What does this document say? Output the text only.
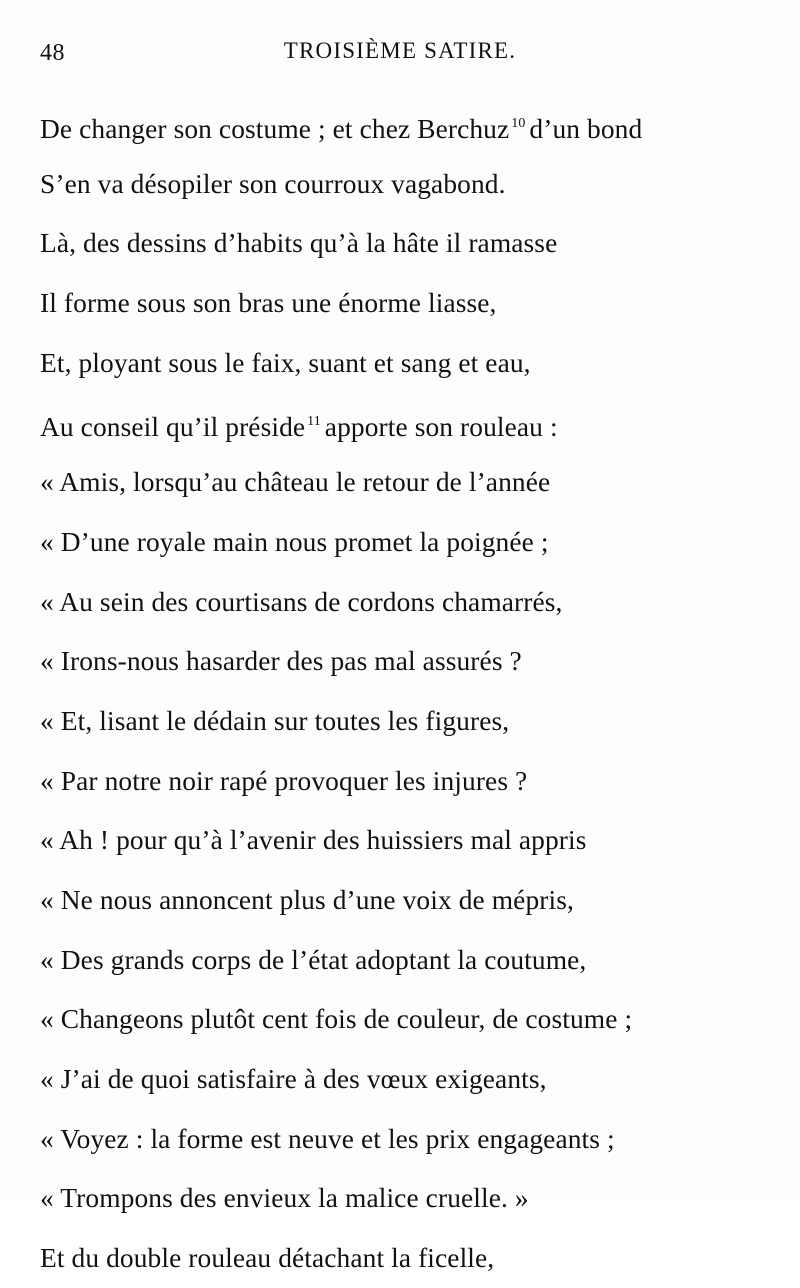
48	TROISIÈME SATIRE.
De changer son costume ; et chez Berchuz $^{10}$ d’un bond
S’en va désopiler son courroux vagabond.
Là, des dessins d’habits qu’à la hâte il ramasse
Il forme sous son bras une énorme liasse,
Et, ployant sous le faix, suant et sang et eau,
Au conseil qu’il préside $^{11}$ apporte son rouleau :
« Amis, lorsqu’au château le retour de l’année
« D’une royale main nous promet la poignée ;
« Au sein des courtisans de cordons chamarrés,
« Irons-nous hasarder des pas mal assurés ?
« Et, lisant le dédain sur toutes les figures,
« Par notre noir rapé provoquer les injures ?
« Ah ! pour qu’à l’avenir des huissiers mal appris
« Ne nous annoncent plus d’une voix de mépris,
« Des grands corps de l’état adoptant la coutume,
« Changeons plutôt cent fois de couleur, de costume ;
« J’ai de quoi satisfaire à des vœux exigeants,
« Voyez : la forme est neuve et les prix engageants ;
« Trompons des envieux la malice cruelle. »
Et du double rouleau détachant la ficelle,
